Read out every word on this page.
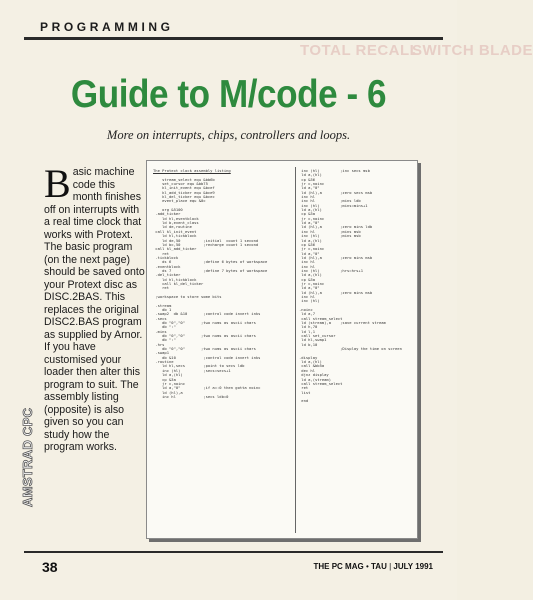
PROGRAMMING
TOTAL RECALL
SWITCH BLADE
Guide to M/code - 6
More on interrupts, chips, controllers and loops.
Basic machine code this month finishes off on interrupts with a real time clock that works with Protext. The basic program (on the next page) should be saved onto your Protext disc as DISC.2BAS. This replaces the original DISC2.BAS program as supplied by Arnor. If you have customised your loader then alter this program to suit. The assembly listing (opposite) is also given so you can study how the program works.
AMSTRAD CPC
The Protext clock assembly listing

stream_select equ &bb6b
set_cursor equ &bb75
kl_init_event equ &bcef
kl_add_ticker equ &bce9
kl_del_ticker equ &bcec
event_place equ &0c

org &5100
.add_ticker
ld hl,eventblock
ld b,event_class
ld de,routine
call kl_init_event
ld hl,tickblock
ld de,50          ;initial  count 1 second
ld bc,50          ;recharge count 1 second
call kl_add_ticker
ret
.tickblock
ds 6              ;define 6 bytes of workspace
.eventblock
ds 7              ;define 7 bytes of workspace
.del_ticker
ld hl,tickblock
call kl_del_ticker
ret

;workspace to store some bits

.stream
db 1
.swap2  db &10       ;control code invert inks
.secs
db "0","0"       ;two nums as ascii chars
db ":"
.mins
db "0","0"       ;two nums as ascii chars
db ":"
.hrs
db "0","0"       ;two nums as ascii chars
.swap1
db &10            ;control code invert inks
.routine
ld hl,secs        ;point to secs ldb
inc (hl)          ;secs=secs+1
ld a,(hl)
cp &3a
jr c,noinc
ld a,"0"          ;if a=:0 then gotta noinc
ld (hl),a
inc hl            ;secs ldb=0
inc (hl)         ;inc secs msb
ld a,(hl)
cp &36
jr c,noinc
ld a,"0"
ld (hl),a        ;zero secs msb
inc hl
inc hl           ;mins ldb
inc (hl)         ;mins=mins+1
ld a,(hl)
cp &3a
jr c,noinc
ld a,"0"
ld (hl),a        ;zero mins ldb
inc hl           ;mins msb
inc (hl)         ;mins msb
ld a,(hl)
cp &36
jr c,noinc
ld a,"0"
ld (hl),a        ;zero mins msb
inc hl
inc hl
inc (hl)         ;hrs=hrs+1
ld a,(hl)
cp &3a
jr c,noinc
ld a,"0"
ld (hl),a        ;zero mins msb
inc hl
inc (hl)

.noinc
ld a,7
call stream_select
ld (stream),a    ;save current stream
ld h,70
ld l,1
call set_cursor
ld hl,swap1
ld b,10
;Display the time on screen

.display
ld a,(hl)
call &bb5a
dec hl
djnz display
ld a,(stream)
call stream_select
ret
list

end
38	THE PC MAG • TAU | JULY 1991
